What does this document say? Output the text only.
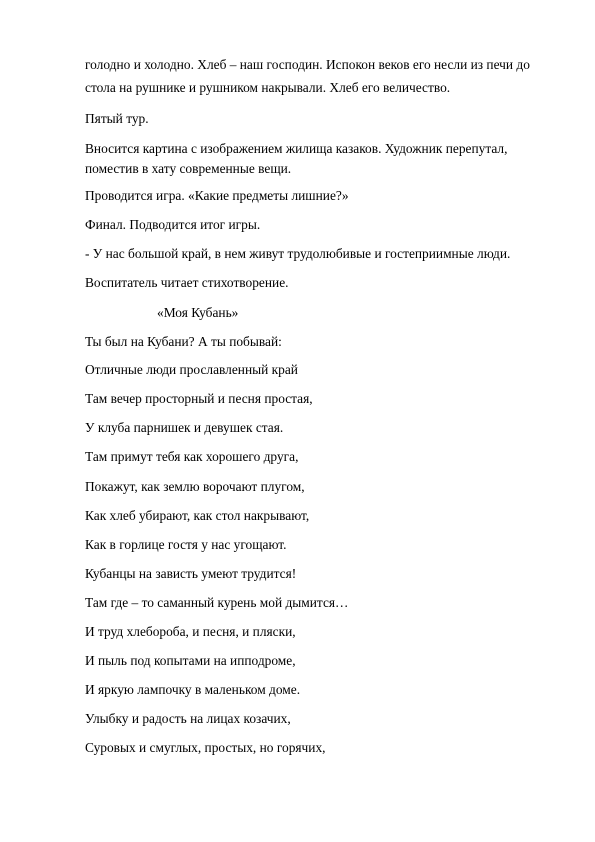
голодно и холодно. Хлеб – наш господин. Испокон веков его несли из печи до
стола на рушнике и рушником накрывали. Хлеб его величество.
Пятый тур.
Вносится картина с изображением жилища казаков. Художник перепутал,
поместив в хату современные вещи.
Проводится игра. «Какие предметы лишние?»
Финал. Подводится итог игры.
- У нас большой край, в нем живут трудолюбивые и гостеприимные люди.
Воспитатель читает стихотворение.
«Моя Кубань»
Ты был на Кубани? А ты побывай:
Отличные люди прославленный край
Там вечер просторный и песня простая,
У клуба парнишек и девушек стая.
Там примут тебя как хорошего друга,
Покажут, как землю ворочают плугом,
Как хлеб убирают, как стол накрывают,
Как в горлице гостя у нас угощают.
Кубанцы на зависть умеют трудится!
Там где – то саманный курень мой дымится…
И труд хлебороба, и песня, и пляски,
И пыль под копытами на ипподроме,
И яркую лампочку в маленьком доме.
Улыбку и радость на лицах козачих,
Суровых и смуглых, простых, но горячих,
